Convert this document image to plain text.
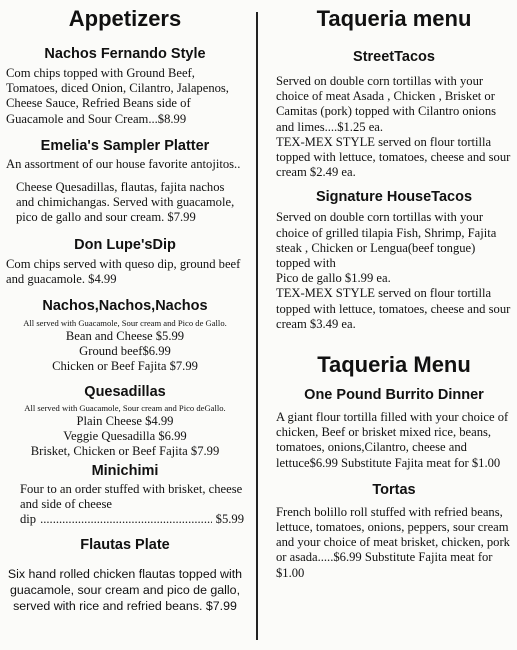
Appetizers
Nachos Fernando Style

Com chips topped with Ground Beef, Tomatoes, diced Onion, Cilantro, Jalapenos, Cheese Sauce, Refried Beans side of Guacamole and Sour Cream...$8.99

Emelia's Sampler Platter

An assortment of our house favorite antojitos..

Cheese Quesadillas, flautas, fajita nachos and chimichangas. Served with guacamole, pico de gallo and sour cream. $7.99

Don Lupe'sDip

Com chips served with queso dip, ground beef and guacamole. $4.99

Nachos,Nachos,Nachos

All served with Guacamole, Sour cream and Pico de Gallo.

Bean and Cheese $5.99

Ground beef$6.99

Chicken or Beef Fajita $7.99

Quesadillas

All served with Guacamole, Sour cream and Pico deGallo.

Plain Cheese $4.99

Veggie Quesadilla $6.99

Brisket, Chicken or Beef Fajita $7.99

Minichimi

Four to an order stuffed with brisket, cheese and side of cheese

dip
.....	$5.99
Flautas Plate

Six hand rolled chicken flautas topped with guacamole, sour cream and pico de gallo, served with rice and refried beans. $7.99

Taqueria menu
StreetTacos

Served on double corn tortillas with your choice of meat Asada , Chicken , Brisket or Camitas (pork) topped with Cilantro onions and limes....$1.25 ea.

TEX-MEX STYLE served on flour tortilla topped with lettuce, tomatoes, cheese and sour cream $2.49 ea.

Signature HouseTacos

Served on double corn tortillas with your choice of grilled tilapia Fish, Shrimp, Fajita steak , Chicken or Lengua(beef tongue) topped with

Pico de gallo $1.99 ea.

TEX-MEX STYLE served on flour tortilla topped with lettuce, tomatoes, cheese and sour cream $3.49 ea.

Taqueria Menu
One Pound Burrito Dinner

A giant flour tortilla filled with your choice of chicken, Beef or brisket mixed rice, beans, tomatoes, onions,Cilantro, cheese and lettuce$6.99 Substitute Fajita meat for $1.00

Tortas

French bolillo roll stuffed with refried beans, lettuce, tomatoes, onions, peppers, sour cream and your choice of meat brisket, chicken, pork or asada.....$6.99 Substitute Fajita meat for $1.00
